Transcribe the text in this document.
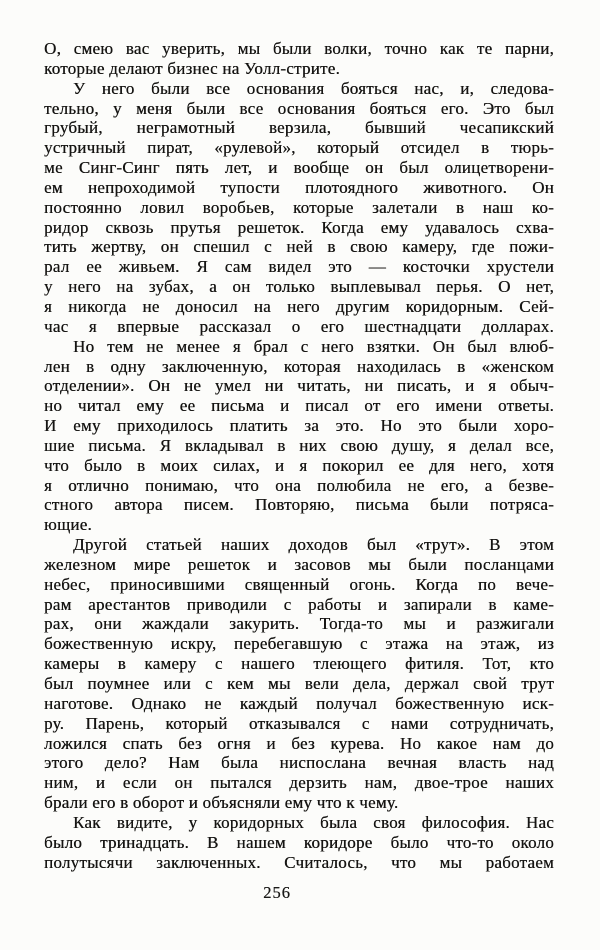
О, смею вас уверить, мы были волки, точно как те парни,
которые делают бизнес на Уолл-стрите.
У него были все основания бояться нас, и, следова-
тельно, у меня были все основания бояться его. Это был
грубый, неграмотный верзила, бывший чесапикский
устричный пират, «рулевой», который отсидел в тюрь-
ме Синг-Синг пять лет, и вообще он был олицетворени-
ем непроходимой тупости плотоядного животного. Он
постоянно ловил воробьев, которые залетали в наш ко-
ридор сквозь прутья решеток. Когда ему удавалось схва-
тить жертву, он спешил с ней в свою камеру, где пожи-
рал ее живьем. Я сам видел это — косточки хрустели
у него на зубах, а он только выплевывал перья. О нет,
я никогда не доносил на него другим коридорным. Сей-
час я впервые рассказал о его шестнадцати долларах.
Но тем не менее я брал с него взятки. Он был влюб-
лен в одну заключенную, которая находилась в «женском
отделении». Он не умел ни читать, ни писать, и я обыч-
но читал ему ее письма и писал от его имени ответы.
И ему приходилось платить за это. Но это были хоро-
шие письма. Я вкладывал в них свою душу, я делал все,
что было в моих силах, и я покорил ее для него, хотя
я отлично понимаю, что она полюбила не его, а безве-
стного автора писем. Повторяю, письма были потряса-
ющие.
Другой статьей наших доходов был «трут». В этом
железном мире решеток и засовов мы были посланцами
небес, приносившими священный огонь. Когда по вече-
рам арестантов приводили с работы и запирали в каме-
рах, они жаждали закурить. Тогда-то мы и разжигали
божественную искру, перебегавшую с этажа на этаж, из
камеры в камеру с нашего тлеющего фитиля. Тот, кто
был поумнее или с кем мы вели дела, держал свой трут
наготове. Однако не каждый получал божественную иск-
ру. Парень, который отказывался с нами сотрудничать,
ложился спать без огня и без курева. Но какое нам до
этого дело? Нам была ниспослана вечная власть над
ним, и если он пытался дерзить нам, двое-трое наших
брали его в оборот и объясняли ему что к чему.
Как видите, у коридорных была своя философия. Нас
было тринадцать. В нашем коридоре было что-то около
полутысячи заключенных. Считалось, что мы работаем
256
